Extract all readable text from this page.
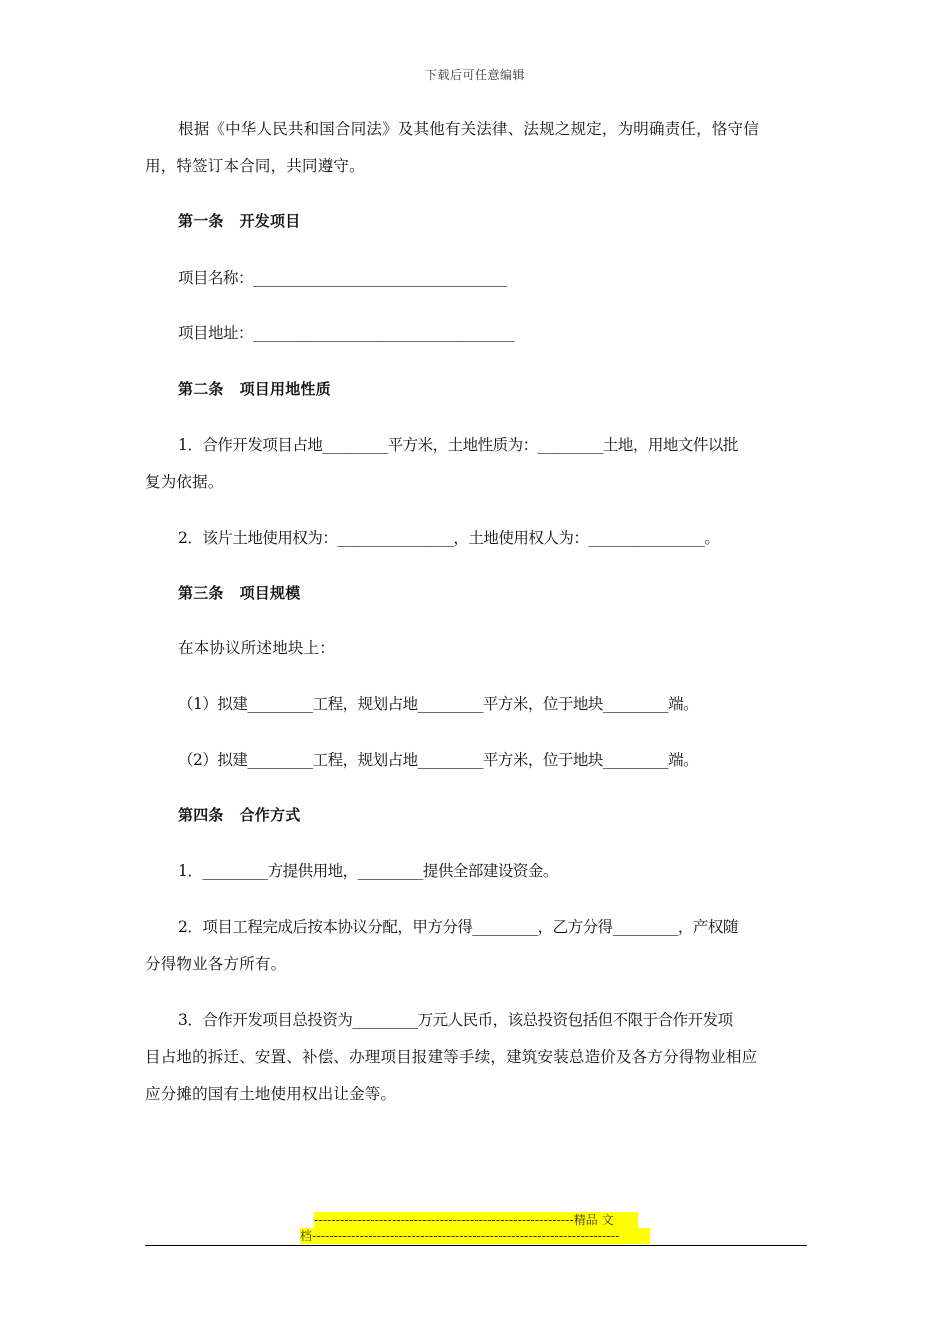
下载后可任意编辑
根据《中华人民共和国合同法》及其他有关法律、法规之规定，为明确责任，恪守信
用，特签订本合同，共同遵守。
第一条 开发项目
项目名称：___________________________________
项目地址：____________________________________
第二条 项目用地性质
1．合作开发项目占地_________平方米，土地性质为：_________土地，用地文件以批
复为依据。
2．该片土地使用权为：________________，土地使用权人为：________________。
第三条 项目规模
在本协议所述地块上：
（1）拟建_________工程，规划占地_________平方米，位于地块_________端。
（2）拟建_________工程，规划占地_________平方米，位于地块_________端。
第四条 合作方式
1．_________方提供用地，_________提供全部建设资金。
2．项目工程完成后按本协议分配，甲方分得_________，乙方分得_________，产权随
分得物业各方所有。
3．合作开发项目总投资为_________万元人民币，该总投资包括但不限于合作开发项
目占地的拆迁、安置、补偿、办理项目报建等手续，建筑安装总造价及各方分得物业相应
应分摊的国有土地使用权出让金等。
------------------------------------------------------------精品 文
档-----------------------------------------------------------------------
